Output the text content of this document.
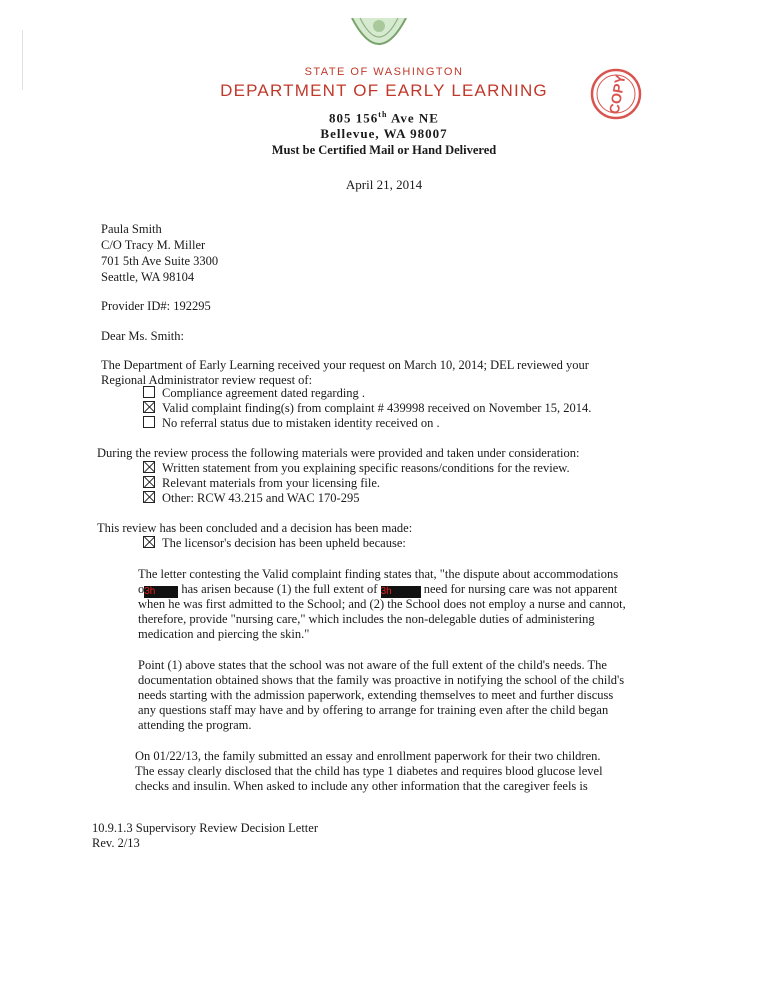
COPY
STATE OF WASHINGTON
DEPARTMENT OF EARLY LEARNING
805 156th Ave NE
Bellevue, WA 98007
Must be Certified Mail or Hand Delivered
April 21, 2014
Paula Smith
C/O Tracy M. Miller
701 5th Ave Suite 3300
Seattle, WA 98104
Provider ID#: 192295
Dear Ms. Smith:
The Department of Early Learning received your request on March 10, 2014; DEL reviewed your
Regional Administrator review request of:
Compliance agreement dated regarding .
Valid complaint finding(s) from complaint # 439998 received on November 15, 2014.
No referral status due to mistaken identity received on .
During the review process the following materials were provided and taken under consideration:
Written statement from you explaining specific reasons/conditions for the review.
Relevant materials from your licensing file.
Other: RCW 43.215 and WAC 170-295
This review has been concluded and a decision has been made:
The licensor's decision has been upheld because:
The letter contesting the Valid complaint finding states that, "the dispute about accommodations
o3h has arisen because (1) the full extent of 3h need for nursing care was not apparent
when he was first admitted to the School; and (2) the School does not employ a nurse and cannot,
therefore, provide "nursing care," which includes the non-delegable duties of administering
medication and piercing the skin."
Point (1) above states that the school was not aware of the full extent of the child's needs. The
documentation obtained shows that the family was proactive in notifying the school of the child's
needs starting with the admission paperwork, extending themselves to meet and further discuss
any questions staff may have and by offering to arrange for training even after the child began
attending the program.
On 01/22/13, the family submitted an essay and enrollment paperwork for their two children.
The essay clearly disclosed that the child has type 1 diabetes and requires blood glucose level
checks and insulin. When asked to include any other information that the caregiver feels is
10.9.1.3 Supervisory Review Decision Letter
Rev. 2/13
